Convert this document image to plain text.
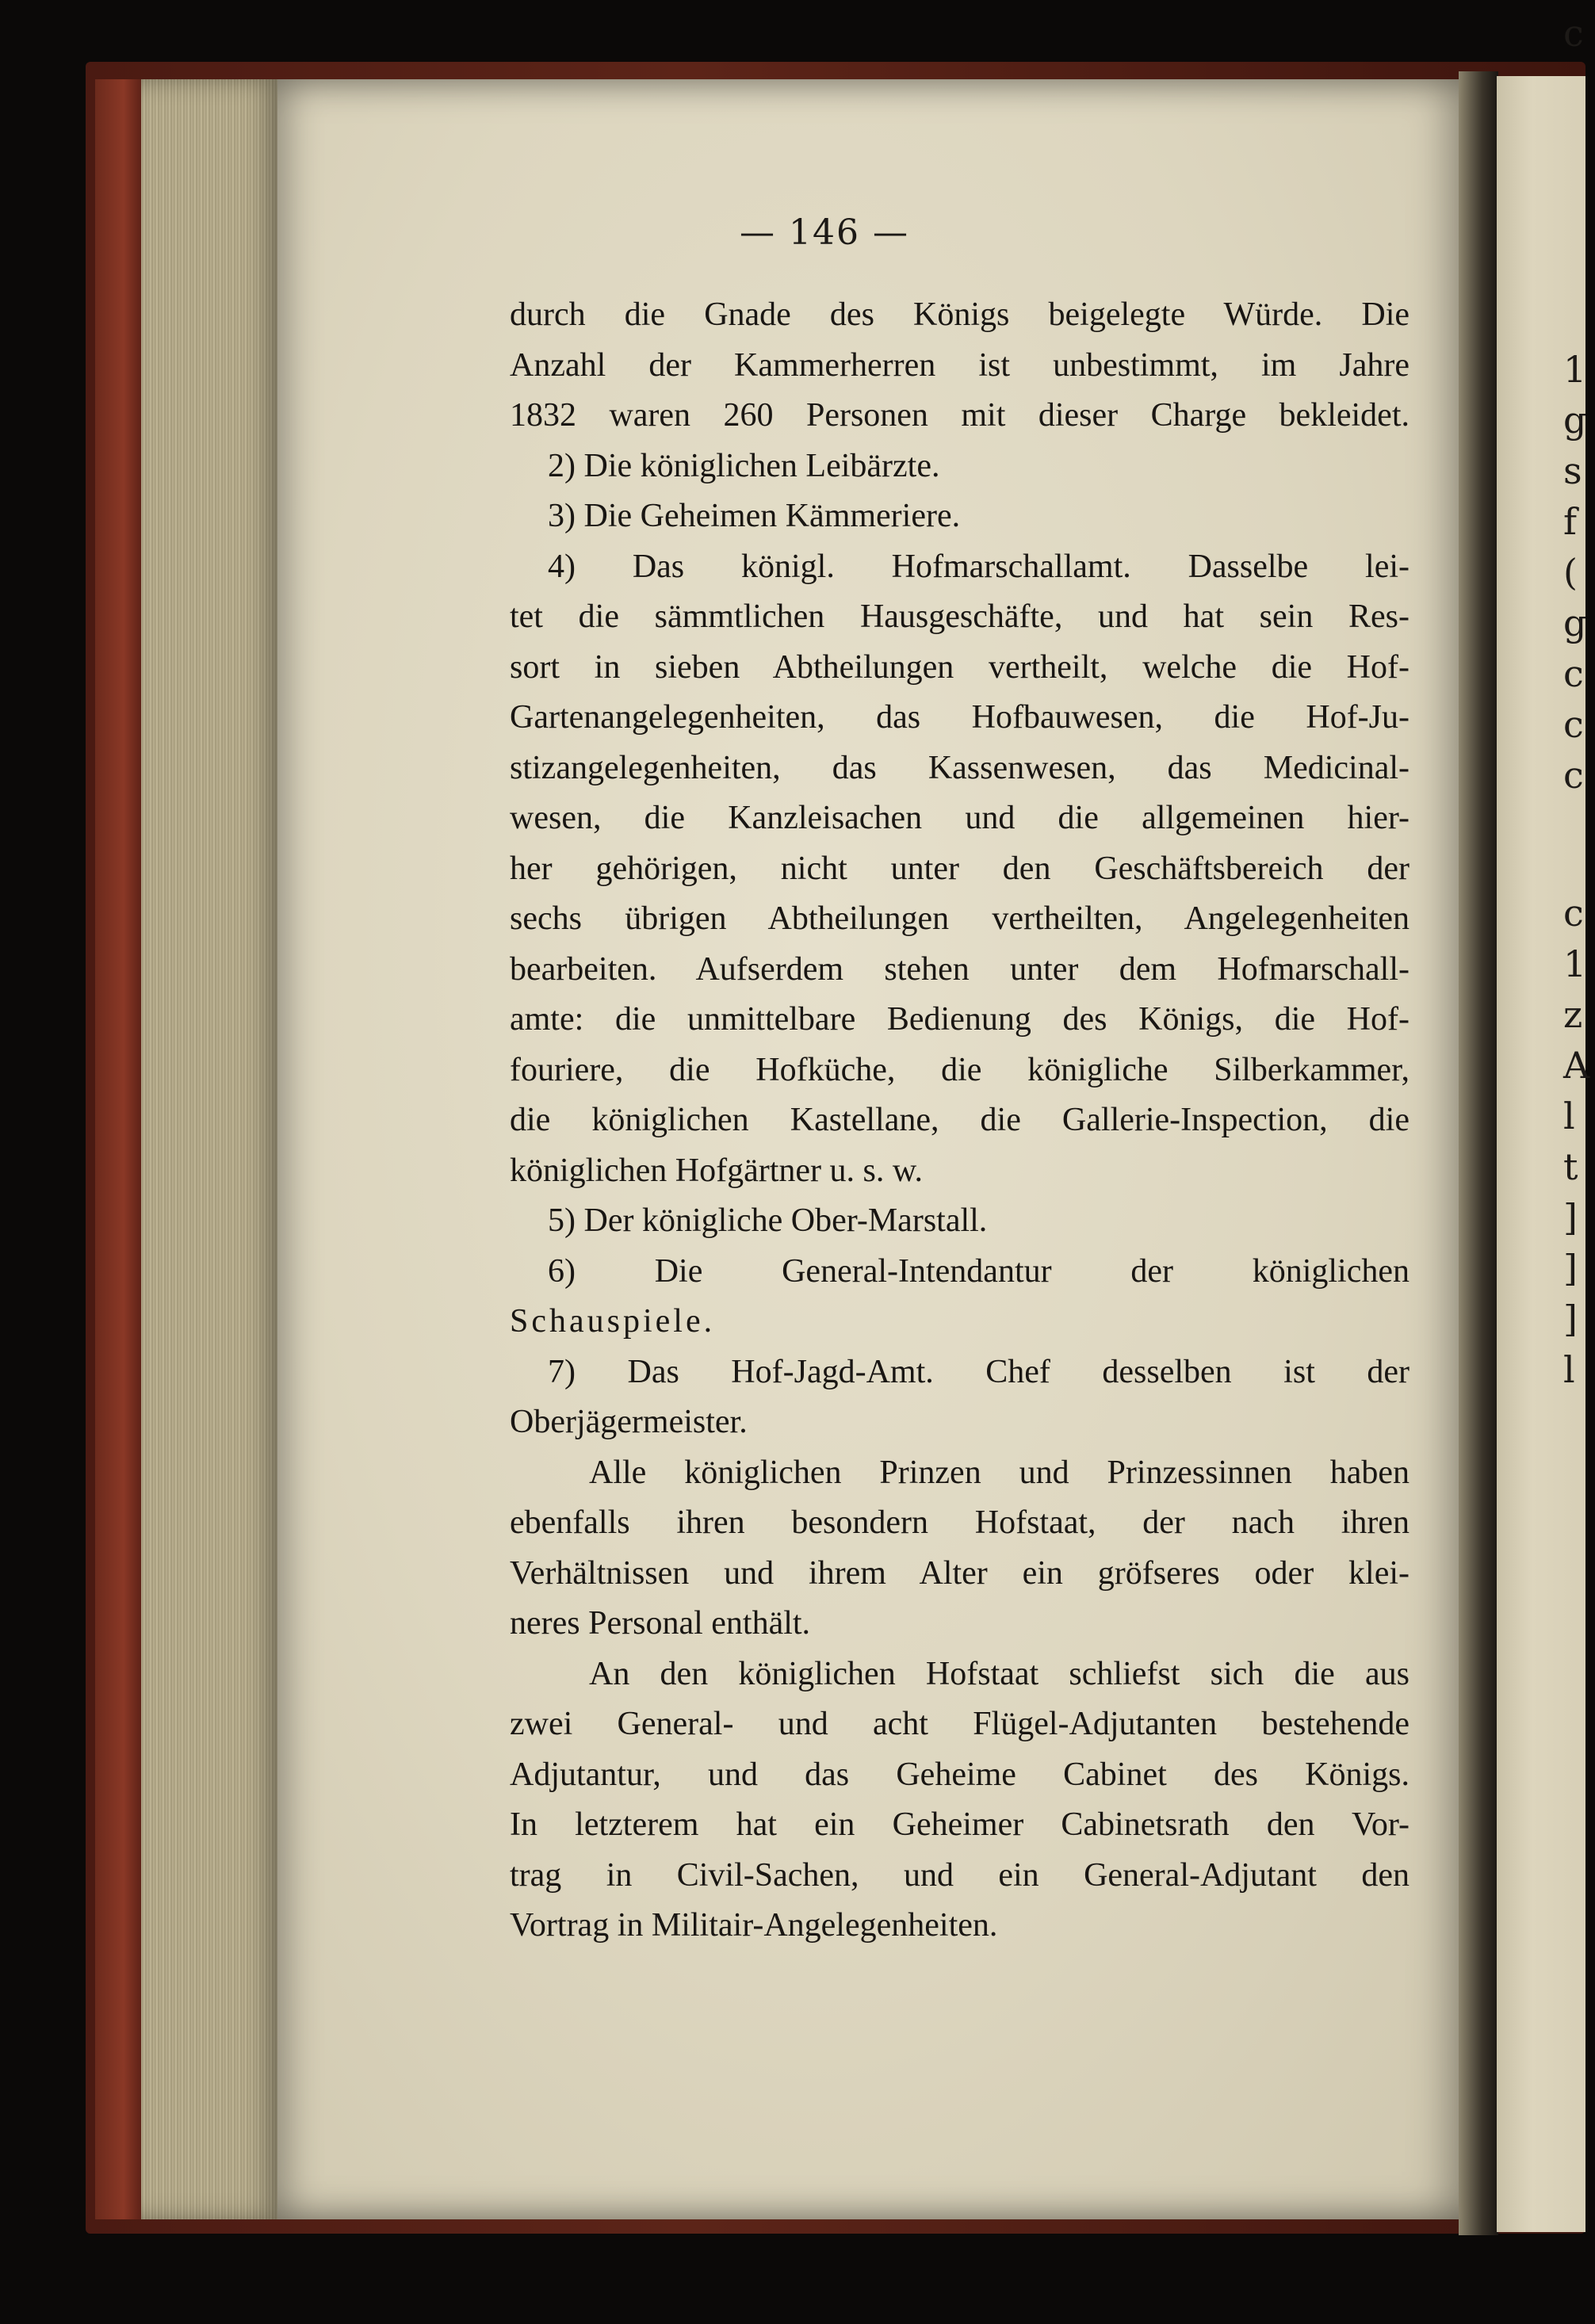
c
1
g
s
f
(
g
c
c
c
c
1
z
A
l
t
]
]
]
l
— 146 —
durch die Gnade des Königs beigelegte Würde. Die
Anzahl der Kammerherren ist unbestimmt, im Jahre
1832 waren 260 Personen mit dieser Charge bekleidet.
2) Die königlichen Leibärzte.
3) Die Geheimen Kämmeriere.
4) Das königl. Hofmarschallamt. Dasselbe lei-
tet die sämmtlichen Hausgeschäfte, und hat sein Res-
sort in sieben Abtheilungen vertheilt, welche die Hof-
Gartenangelegenheiten, das Hofbauwesen, die Hof-Ju-
stizangelegenheiten, das Kassenwesen, das Medicinal-
wesen, die Kanzleisachen und die allgemeinen hier-
her gehörigen, nicht unter den Geschäftsbereich der
sechs übrigen Abtheilungen vertheilten, Angelegenheiten
bearbeiten. Aufserdem stehen unter dem Hofmarschall-
amte: die unmittelbare Bedienung des Königs, die Hof-
fouriere, die Hofküche, die königliche Silberkammer,
die königlichen Kastellane, die Gallerie-Inspection, die
königlichen Hofgärtner u. s. w.
5) Der königliche Ober-Marstall.
6) Die General-Intendantur der königlichen
Schauspiele.
7) Das Hof-Jagd-Amt. Chef desselben ist der
Oberjägermeister.
Alle königlichen Prinzen und Prinzessinnen haben
ebenfalls ihren besondern Hofstaat, der nach ihren
Verhältnissen und ihrem Alter ein gröfseres oder klei-
neres Personal enthält.
An den königlichen Hofstaat schliefst sich die aus
zwei General- und acht Flügel-Adjutanten bestehende
Adjutantur, und das Geheime Cabinet des Königs.
In letzterem hat ein Geheimer Cabinetsrath den Vor-
trag in Civil-Sachen, und ein General-Adjutant den
Vortrag in Militair-Angelegenheiten.
